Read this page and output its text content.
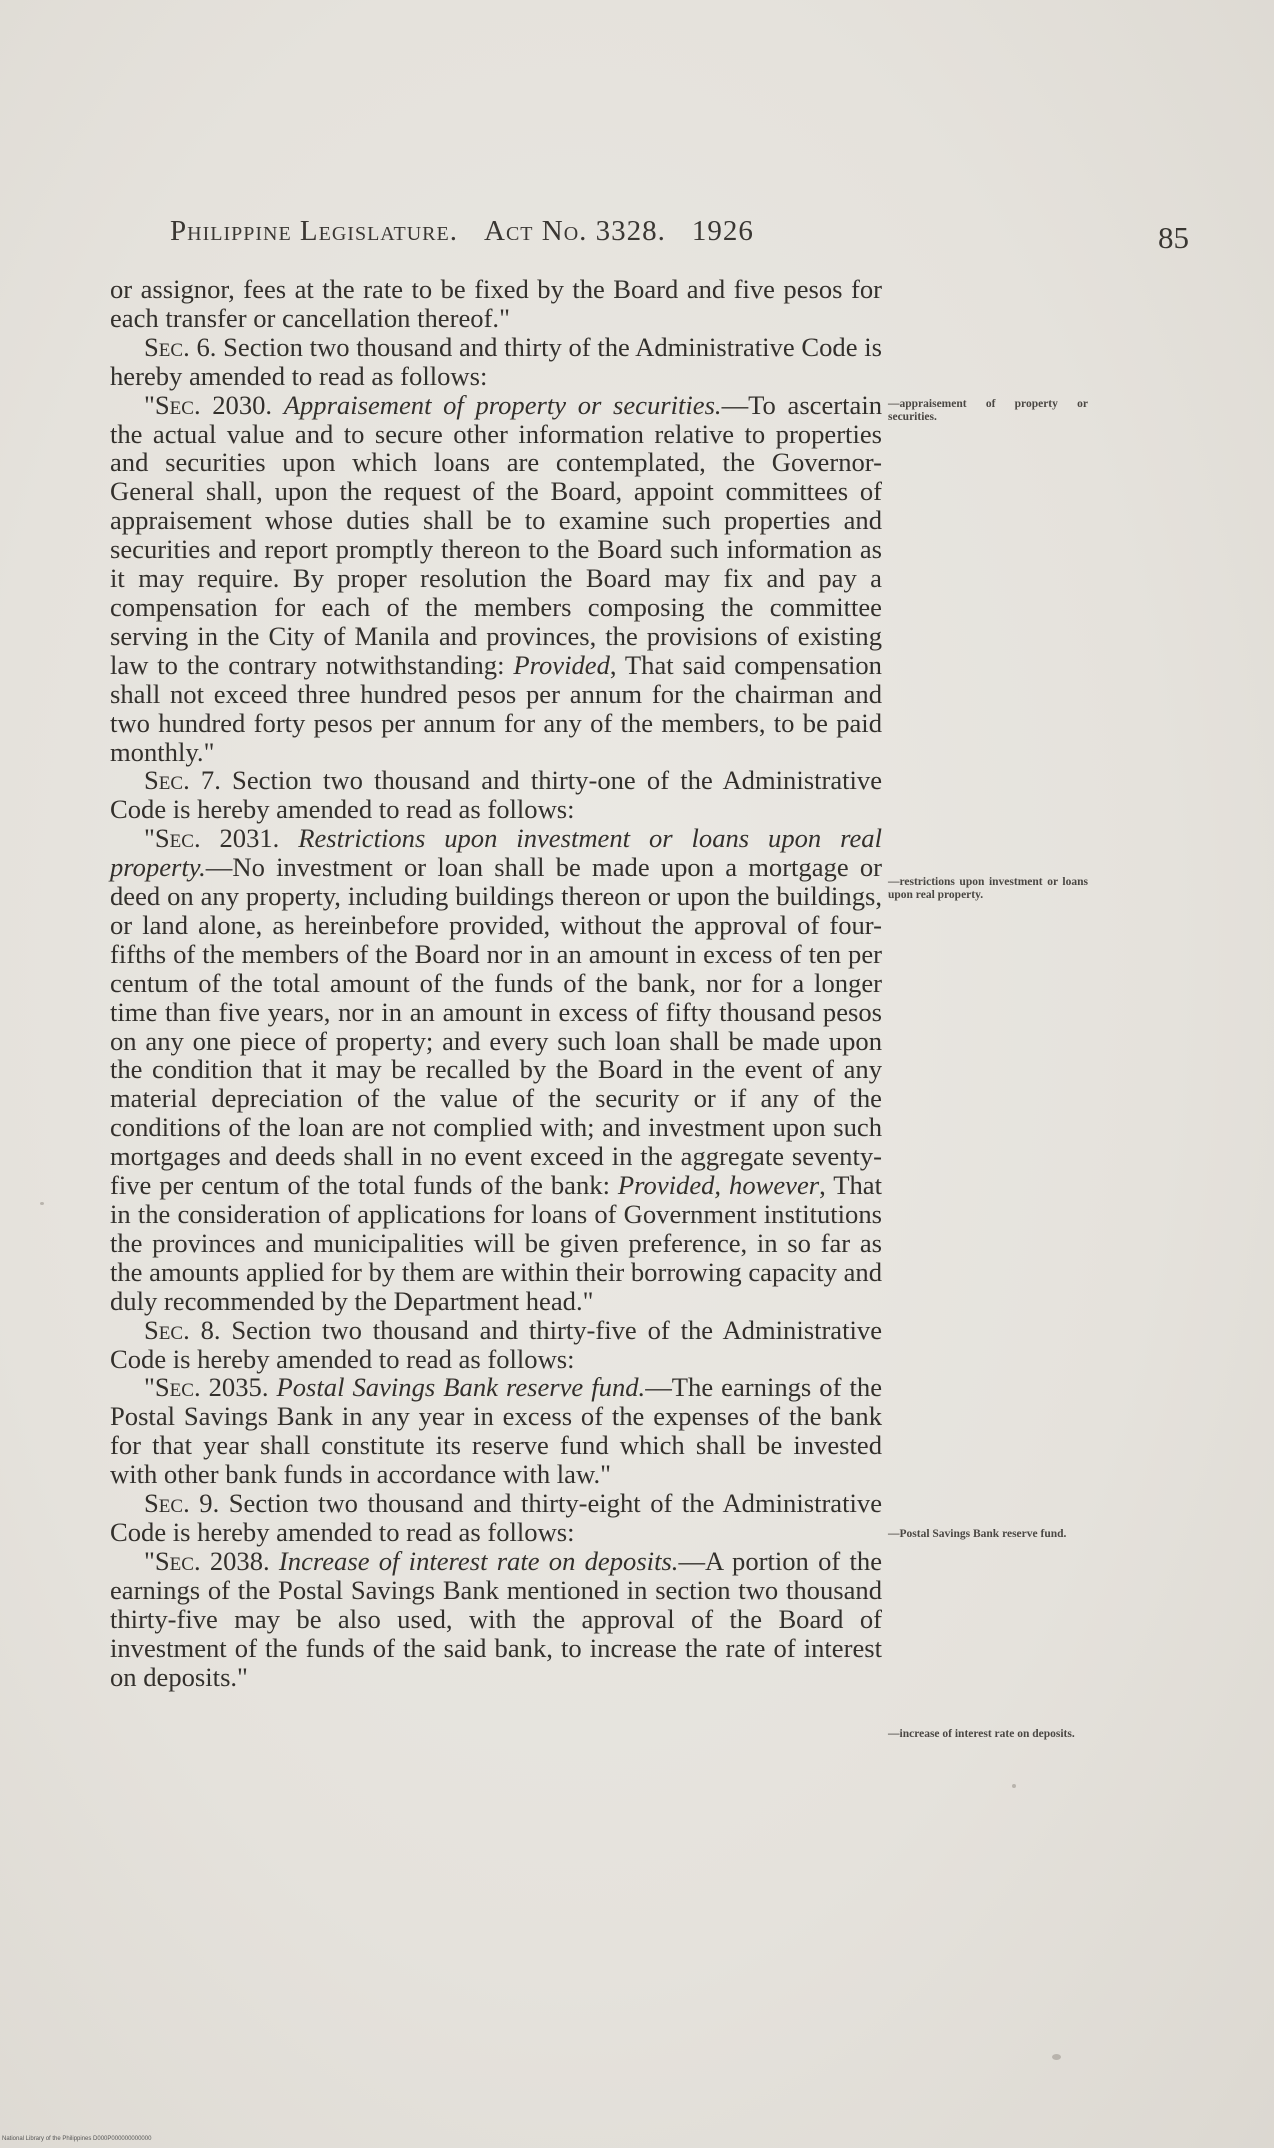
Philippine Legislature. Act No. 3328. 1926	85

or assignor, fees at the rate to be fixed by the Board and five pesos for each transfer or cancellation thereof."

Sec. 6. Section two thousand and thirty of the Administrative Code is hereby amended to read as follows:

"Sec. 2030. Appraisement of property or securities.—To ascertain the actual value and to secure other information relative to properties and securities upon which loans are contemplated, the Governor-General shall, upon the request of the Board, appoint committees of appraisement whose duties shall be to examine such properties and securities and report promptly thereon to the Board such information as it may require. By proper resolution the Board may fix and pay a compensation for each of the members composing the committee serving in the City of Manila and provinces, the provisions of existing law to the contrary notwithstanding: Provided, That said compensation shall not exceed three hundred pesos per annum for the chairman and two hundred forty pesos per annum for any of the members, to be paid monthly."

Sec. 7. Section two thousand and thirty-one of the Administrative Code is hereby amended to read as follows:

"Sec. 2031. Restrictions upon investment or loans upon real property.—No investment or loan shall be made upon a mortgage or deed on any property, including buildings thereon or upon the buildings, or land alone, as hereinbefore provided, without the approval of four-fifths of the members of the Board nor in an amount in excess of ten per centum of the total amount of the funds of the bank, nor for a longer time than five years, nor in an amount in excess of fifty thousand pesos on any one piece of property; and every such loan shall be made upon the condition that it may be recalled by the Board in the event of any material depreciation of the value of the security or if any of the conditions of the loan are not complied with; and investment upon such mortgages and deeds shall in no event exceed in the aggregate seventy-five per centum of the total funds of the bank: Provided, however, That in the consideration of applications for loans of Government institutions the provinces and municipalities will be given preference, in so far as the amounts applied for by them are within their borrowing capacity and duly recommended by the Department head."

Sec. 8. Section two thousand and thirty-five of the Administrative Code is hereby amended to read as follows:

"Sec. 2035. Postal Savings Bank reserve fund.—The earnings of the Postal Savings Bank in any year in excess of the expenses of the bank for that year shall constitute its reserve fund which shall be invested with other bank funds in accordance with law."

Sec. 9. Section two thousand and thirty-eight of the Administrative Code is hereby amended to read as follows:

"Sec. 2038. Increase of interest rate on deposits.—A portion of the earnings of the Postal Savings Bank mentioned in section two thousand thirty-five may be also used, with the approval of the Board of investment of the funds of the said bank, to increase the rate of interest on deposits."

—appraisement of property or securities.
—restrictions upon investment or loans upon real property.
—Postal Savings Bank reserve fund.
—increase of interest rate on deposits.
National Library of the Philippines D000P000000000000
